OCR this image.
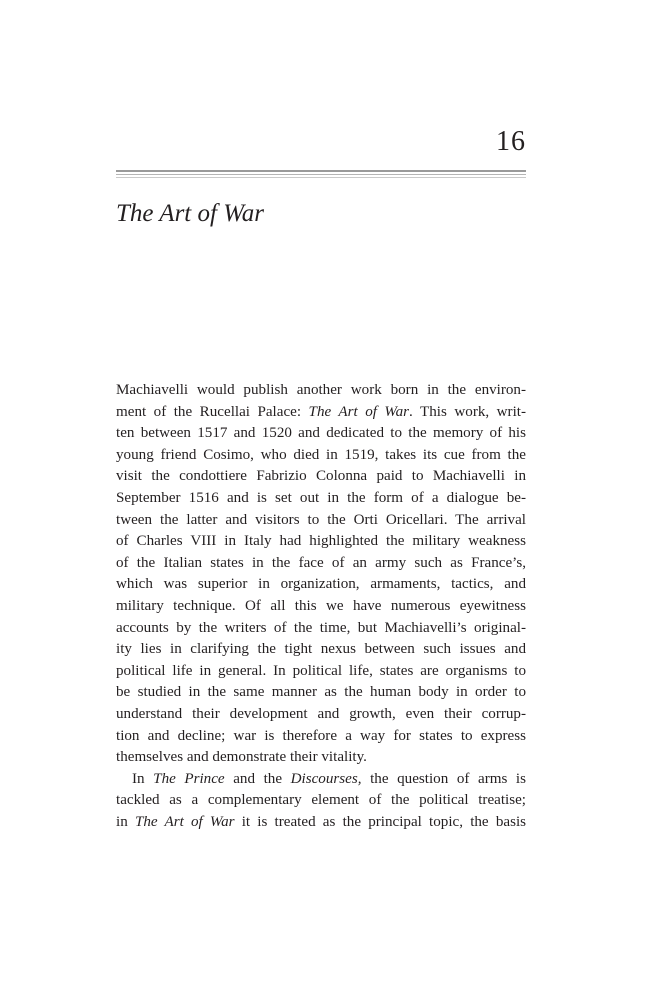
16
The Art of War
Machiavelli would publish another work born in the environ-
ment of the Rucellai Palace: The Art of War. This work, writ-
ten between 1517 and 1520 and dedicated to the memory of his
young friend Cosimo, who died in 1519, takes its cue from the
visit the condottiere Fabrizio Colonna paid to Machiavelli in
September 1516 and is set out in the form of a dialogue be-
tween the latter and visitors to the Orti Oricellari. The arrival
of Charles VIII in Italy had highlighted the military weakness
of the Italian states in the face of an army such as France’s,
which was superior in organization, armaments, tactics, and
military technique. Of all this we have numerous eyewitness
accounts by the writers of the time, but Machiavelli’s original-
ity lies in clarifying the tight nexus between such issues and
political life in general. In political life, states are organisms to
be studied in the same manner as the human body in order to
understand their development and growth, even their corrup-
tion and decline; war is therefore a way for states to express
themselves and demonstrate their vitality.
In The Prince and the Discourses, the question of arms is
tackled as a complementary element of the political treatise;
in The Art of War it is treated as the principal topic, the basis
